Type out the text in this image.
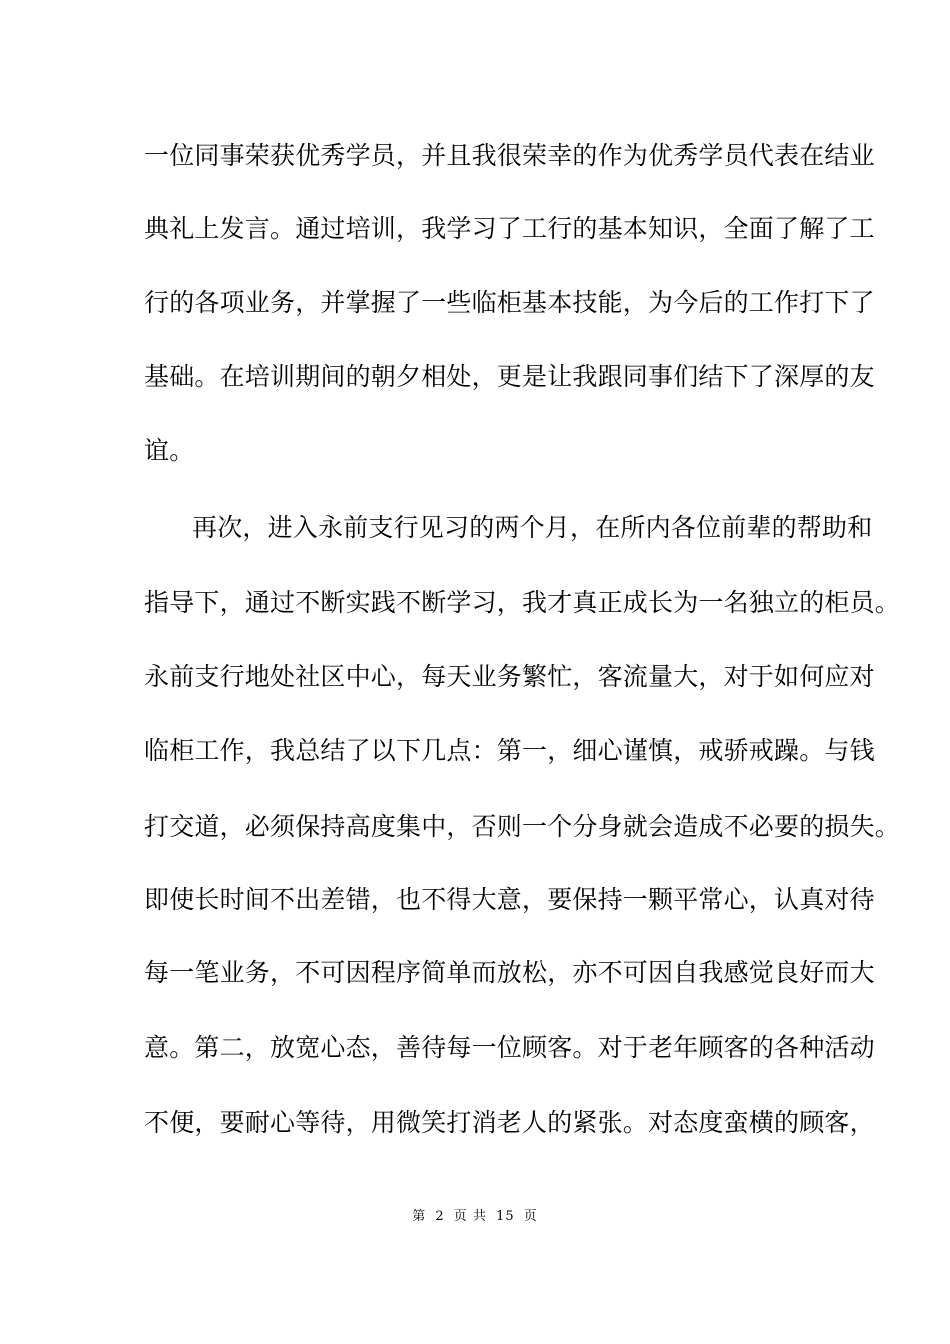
一位同事荣获优秀学员，并且我很荣幸的作为优秀学员代表在结业
典礼上发言。通过培训，我学习了工行的基本知识，全面了解了工
行的各项业务，并掌握了一些临柜基本技能，为今后的工作打下了
基础。在培训期间的朝夕相处，更是让我跟同事们结下了深厚的友
谊。
再次，进入永前支行见习的两个月，在所内各位前辈的帮助和
指导下，通过不断实践不断学习，我才真正成长为一名独立的柜员。
永前支行地处社区中心，每天业务繁忙，客流量大，对于如何应对
临柜工作，我总结了以下几点：第一，细心谨慎，戒骄戒躁。与钱
打交道，必须保持高度集中，否则一个分身就会造成不必要的损失。
即使长时间不出差错，也不得大意，要保持一颗平常心，认真对待
每一笔业务，不可因程序简单而放松，亦不可因自我感觉良好而大
意。第二，放宽心态，善待每一位顾客。对于老年顾客的各种活动
不便，要耐心等待，用微笑打消老人的紧张。对态度蛮横的顾客，
第 2 页 共 15 页
